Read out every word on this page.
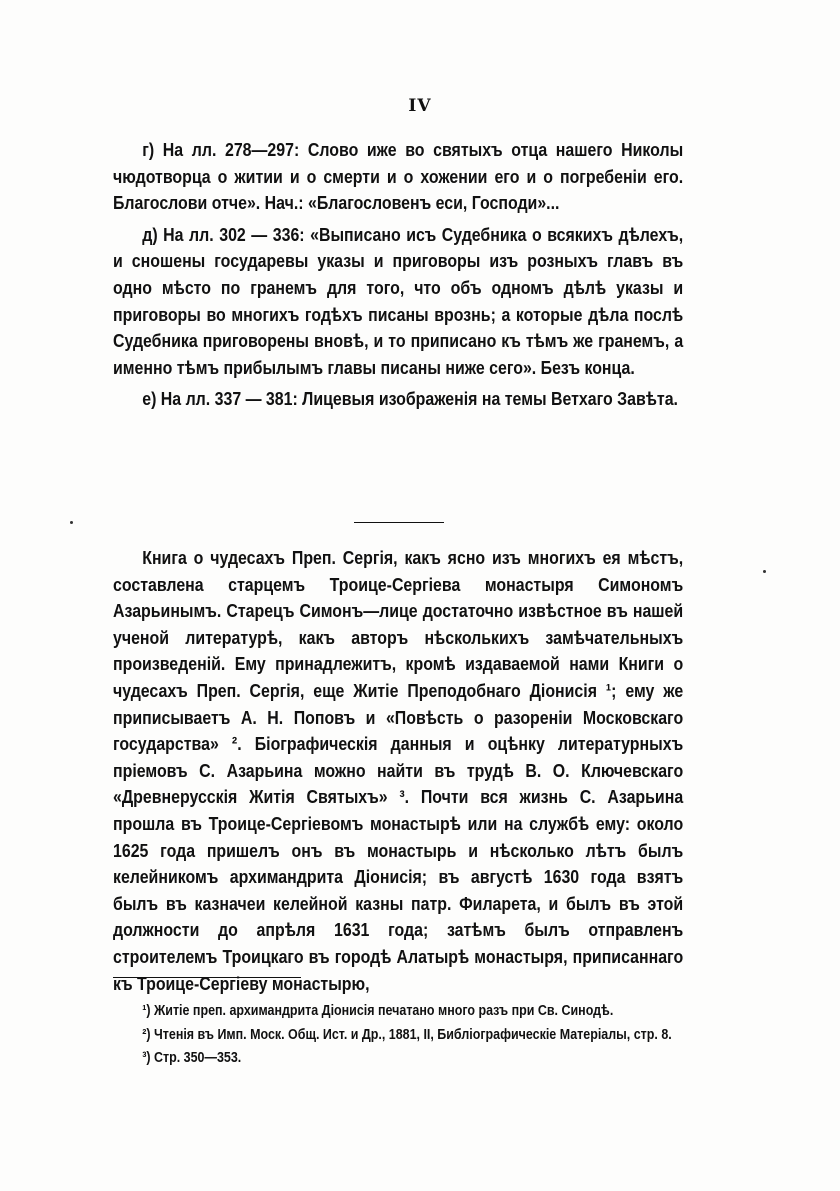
IV

г) На лл. 278—297: Слово иже во святыхъ отца нашего Николы чюдотворца о житии и о смерти и о хожении его и о погребеніи его. Благослови отче». Нач.: «Благословенъ еси, Господи»...

д) На лл. 302 — 336: «Выписано исъ Судебника о всякихъ дѣлехъ, и сношены государевы указы и приговоры изъ розныхъ главъ въ одно мѣсто по гранемъ для того, что объ одномъ дѣлѣ указы и приговоры во многихъ годѣхъ писаны врознь; а которые дѣла послѣ Судебника приговорены вновѣ, и то приписано къ тѣмъ же гранемъ, а именно тѣмъ прибылымъ главы писаны ниже сего». Безъ конца.

е) На лл. 337 — 381: Лицевыя изображенія на темы Ветхаго Завѣта.

Книга о чудесахъ Преп. Сергія, какъ ясно изъ многихъ ея мѣстъ, составлена старцемъ Троице-Сергіева монастыря Симономъ Азарьинымъ. Старецъ Симонъ—лице достаточно извѣстное въ нашей ученой литературѣ, какъ авторъ нѣсколькихъ замѣчательныхъ произведеній. Ему принадлежитъ, кромѣ издаваемой нами Книги о чудесахъ Преп. Сергія, еще Житіе Преподобнаго Діонисія ¹; ему же приписываетъ А. Н. Поповъ и «Повѣсть о разореніи Московскаго государства» ². Біографическія данныя и оцѣнку литературныхъ пріемовъ С. Азарьина можно найти въ трудѣ В. О. Ключевскаго «Древнерусскія Житія Святыхъ» ³. Почти вся жизнь С. Азарьина прошла въ Троице-Сергіевомъ монастырѣ или на службѣ ему: около 1625 года пришелъ онъ въ монастырь и нѣсколько лѣтъ былъ келейникомъ архимандрита Діонисія; въ августѣ 1630 года взятъ былъ въ казначеи келейной казны патр. Филарета, и былъ въ этой должности до апрѣля 1631 года; затѣмъ былъ отправленъ строителемъ Троицкаго въ городѣ Алатырѣ монастыря, приписаннаго къ Троице-Сергіеву монастырю,

¹) Житіе преп. архимандрита Діонисія печатано много разъ при Св. Синодѣ.

²) Чтенія въ Имп. Моск. Общ. Ист. и Др., 1881, II, Библіографическіе Матеріалы, стр. 8.

³) Стр. 350—353.
